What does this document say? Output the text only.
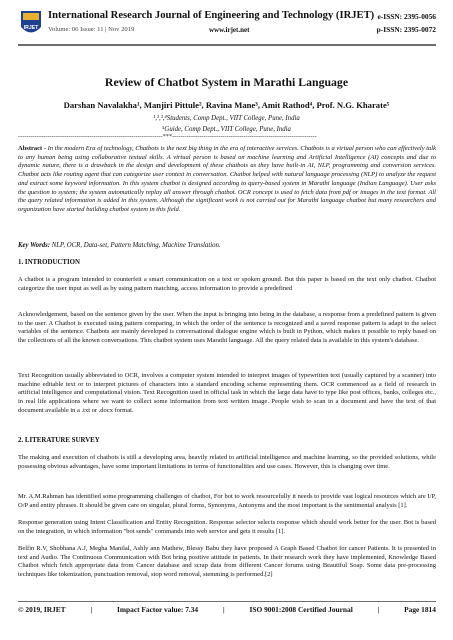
IRJET
International Research Journal of Engineering and Technology (IRJET)
Volume: 06 Issue: 11 | Nov 2019	www.irjet.net
e-ISSN: 2395-0056
p-ISSN: 2395-0072
Review of Chatbot System in Marathi Language
Darshan Navalakha¹, Manjiri Pittule², Ravina Mane³, Amit Rathod⁴, Prof. N.G. Kharate⁵
¹,²,³,⁴Students, Comp Dept., VIIT College, Pune, India
⁵Guide, Comp Dept., VIIT College, Pune, India
---------------------------------------------------------------------***---------------------------------------------------------------------
Abstract - In the modern Era of technology, Chatbots is the next big thing in the era of interactive services. Chatbots is a virtual person who can effectively talk to any human being using collaborative textual skills. A virtual person is based on machine learning and Artificial Intelligence (AI) concepts and due to dynamic nature, there is a drawback in the design and development of these chatbots as they have built-in AI, NLP, programming and conversion services. Chatbot acts like routing agent that can categorize user context in conversation. Chatbot helped with natural language processing (NLP) to analyze the request and extract some keyword information. In this system chatbot is designed according to query-based system in Marathi language (Indian Language). User asks the question to system; the system automatically replay all answer through chatbot. OCR concept is used to fetch data from pdf or images in the text format. All the query related information is added in this system. Although the significant work is not carried out for Marathi language chatbot but many researchers and organization have started building chatbot system in this field.
Key Words: NLP, OCR, Data-set, Pattern Matching, Machine Translation.
1. INTRODUCTION
A chatbot is a program intended to counterfeit a smart communication on a text or spoken ground. But this paper is based on the text only chatbot. Chatbot categorize the user input as well as by using pattern matching, access information to provide a predefined
Acknowledgement, based on the sentence given by the user. When the input is bringing into being in the database, a response from a predefined pattern is given to the user. A Chatbot is executed using pattern comparing, in which the order of the sentence is recognized and a saved response pattern is adapt to the select variables of the sentence. Chatbots are mainly developed is conversational dialogue engine which is built in Python, which makes it possible to reply based on the collections of all the known conversations. This chatbot system uses Marathi language. All the query related data is available in this system's database.
Text Recognition usually abbreviated to OCR, involves a computer system intended to interpret images of typewritten text (usually captured by a scanner) into machine editable text or to interpret pictures of characters into a standard encoding scheme representing them. OCR commenced as a field of research in artificial intelligence and computational vision. Text Recognition used in official task in which the large data have to type like post offices, banks, colleges etc., in real life applications where we want to collect some information from text written image. People wish to scan in a document and have the text of that document available in a .txt or .docx format.
2. LITERATURE SURVEY
The making and execution of chatbots is still a developing area, heavily related to artificial intelligence and machine learning, so the provided solutions, while possessing obvious advantages, have some important limitations in terms of functionalities and use cases. However, this is changing over time.
Mr. A.M.Rahman has identified some programming challenges of chatbot, For bot to work resourcefully it needs to provide vast logical resources which are I/P, O/P and entity phrases. It should be given care on singular, plural forms, Synonyms, Antonyms and the most important is the sentimental analysis [1].
Response generation using Intent Classification and Entity Recognition. Response selector selects response which should work better for the user. Bot is based on the integration, in which information "bot sends" commands into web service and gets it results [1].
Belfin R.V, Shobhana A.J, Megha Manilal, Ashly ann Mathew, Blessy Babu they have proposed A Graph Based Chatbot for cancer Patients. It is presented in text and Audio. The Continuous Communication with Bot bring positive attitude in patients. In their research work they have implemented, Knowledge Based Chatbot which fetch appropriate data from Cancer database and scrap data from different Cancer forums using Beautiful Soap. Some data pre-processing techniques like tokenization, punctuation removal, stop word removal, stemming is performed.[2]
© 2019, IRJET	|	Impact Factor value: 7.34	|	ISO 9001:2008 Certified Journal	|	Page 1814
